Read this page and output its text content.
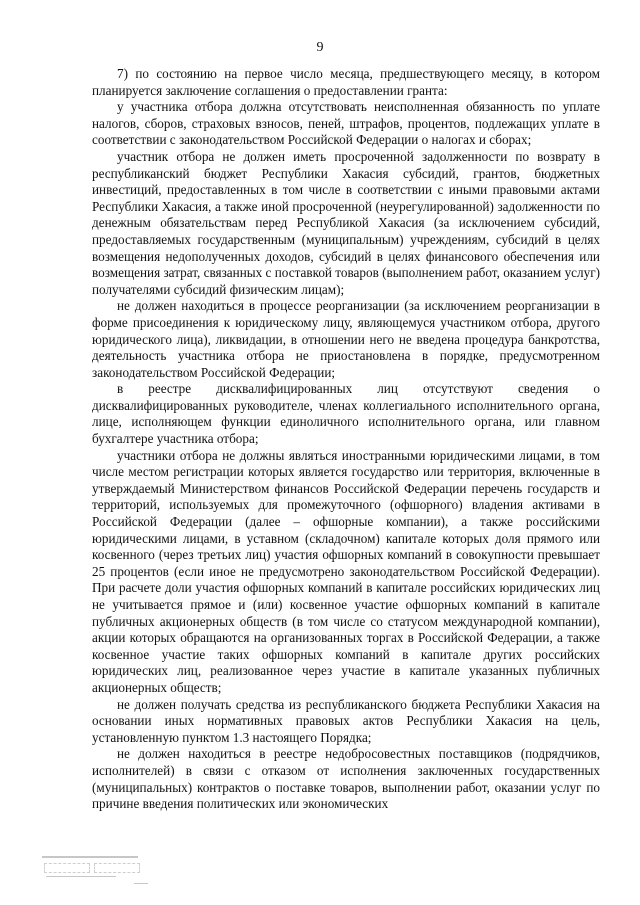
9

7) по состоянию на первое число месяца, предшествующего месяцу, в котором планируется заключение соглашения о предоставлении гранта:

у участника отбора должна отсутствовать неисполненная обязанность по уплате налогов, сборов, страховых взносов, пеней, штрафов, процентов, подлежащих уплате в соответствии с законодательством Российской Федерации о налогах и сборах;

участник отбора не должен иметь просроченной задолженности по возврату в республиканский бюджет Республики Хакасия субсидий, грантов, бюджетных инвестиций, предоставленных в том числе в соответствии с иными правовыми актами Республики Хакасия, а также иной просроченной (неурегулированной) задолженности по денежным обязательствам перед Республикой Хакасия (за исключением субсидий, предоставляемых государственным (муниципальным) учреждениям, субсидий в целях возмещения недополученных доходов, субсидий в целях финансового обеспечения или возмещения затрат, связанных с поставкой товаров (выполнением работ, оказанием услуг) получателями субсидий физическим лицам);

не должен находиться в процессе реорганизации (за исключением реорганизации в форме присоединения к юридическому лицу, являющемуся участником отбора, другого юридического лица), ликвидации, в отношении него не введена процедура банкротства, деятельность участника отбора не приостановлена в порядке, предусмотренном законодательством Российской Федерации;

в реестре дисквалифицированных лиц отсутствуют сведения о дисквалифицированных руководителе, членах коллегиального исполнительного органа, лице, исполняющем функции единоличного исполнительного органа, или главном бухгалтере участника отбора;

участники отбора не должны являться иностранными юридическими лицами, в том числе местом регистрации которых является государство или территория, включенные в утверждаемый Министерством финансов Российской Федерации перечень государств и территорий, используемых для промежуточного (офшорного) владения активами в Российской Федерации (далее – офшорные компании), а также российскими юридическими лицами, в уставном (складочном) капитале которых доля прямого или косвенного (через третьих лиц) участия офшорных компаний в совокупности превышает 25 процентов (если иное не предусмотрено законодательством Российской Федерации). При расчете доли участия офшорных компаний в капитале российских юридических лиц не учитывается прямое и (или) косвенное участие офшорных компаний в капитале публичных акционерных обществ (в том числе со статусом международной компании), акции которых обращаются на организованных торгах в Российской Федерации, а также косвенное участие таких офшорных компаний в капитале других российских юридических лиц, реализованное через участие в капитале указанных публичных акционерных обществ;

не должен получать средства из республиканского бюджета Республики Хакасия на основании иных нормативных правовых актов Республики Хакасия на цель, установленную пунктом 1.3 настоящего Порядка;

не должен находиться в реестре недобросовестных поставщиков (подрядчиков, исполнителей) в связи с отказом от исполнения заключенных государственных (муниципальных) контрактов о поставке товаров, выполнении работ, оказании услуг по причине введения политических или экономических
